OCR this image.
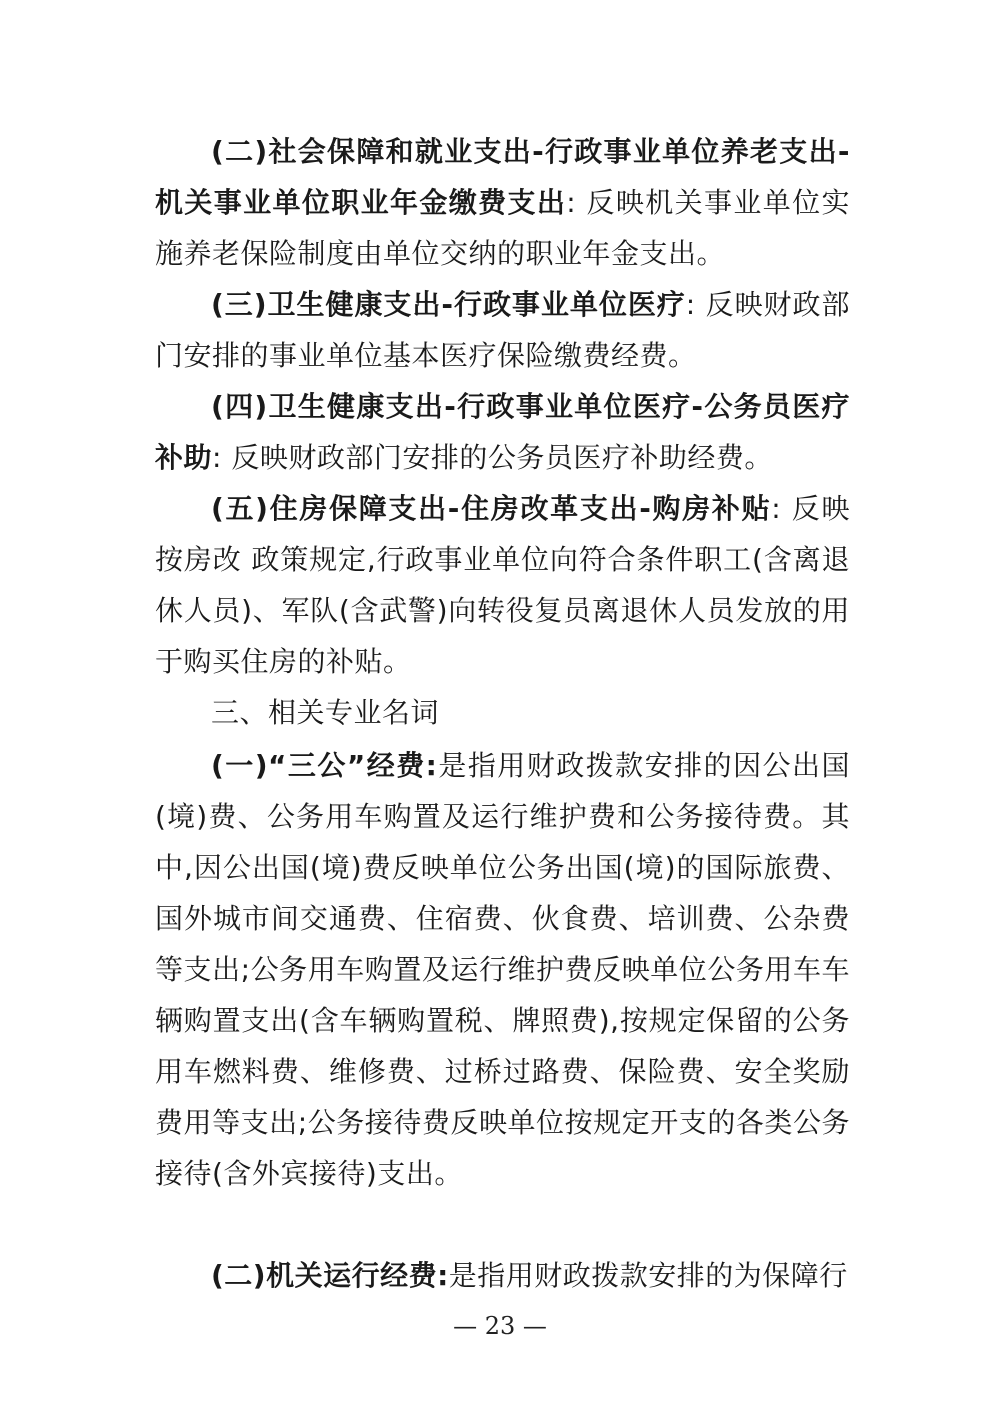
(二)社会保障和就业支出-行政事业单位养老支出-机关事业单位职业年金缴费支出: 反映机关事业单位实施养老保险制度由单位交纳的职业年金支出。

(三)卫生健康支出-行政事业单位医疗: 反映财政部门安排的事业单位基本医疗保险缴费经费。

(四)卫生健康支出-行政事业单位医疗-公务员医疗补助: 反映财政部门安排的公务员医疗补助经费。

(五)住房保障支出-住房改革支出-购房补贴: 反映按房改 政策规定,行政事业单位向符合条件职工(含离退休人员)、军队(含武警)向转役复员离退休人员发放的用于购买住房的补贴。

三、相关专业名词

(一)“三公”经费:是指用财政拨款安排的因公出国(境)费、公务用车购置及运行维护费和公务接待费。其中,因公出国(境)费反映单位公务出国(境)的国际旅费、国外城市间交通费、住宿费、伙食费、培训费、公杂费等支出;公务用车购置及运行维护费反映单位公务用车车辆购置支出(含车辆购置税、牌照费),按规定保留的公务用车燃料费、维修费、过桥过路费、保险费、安全奖励费用等支出;公务接待费反映单位按规定开支的各类公务接待(含外宾接待)支出。

(二)机关运行经费:是指用财政拨款安排的为保障行

— 23 —
